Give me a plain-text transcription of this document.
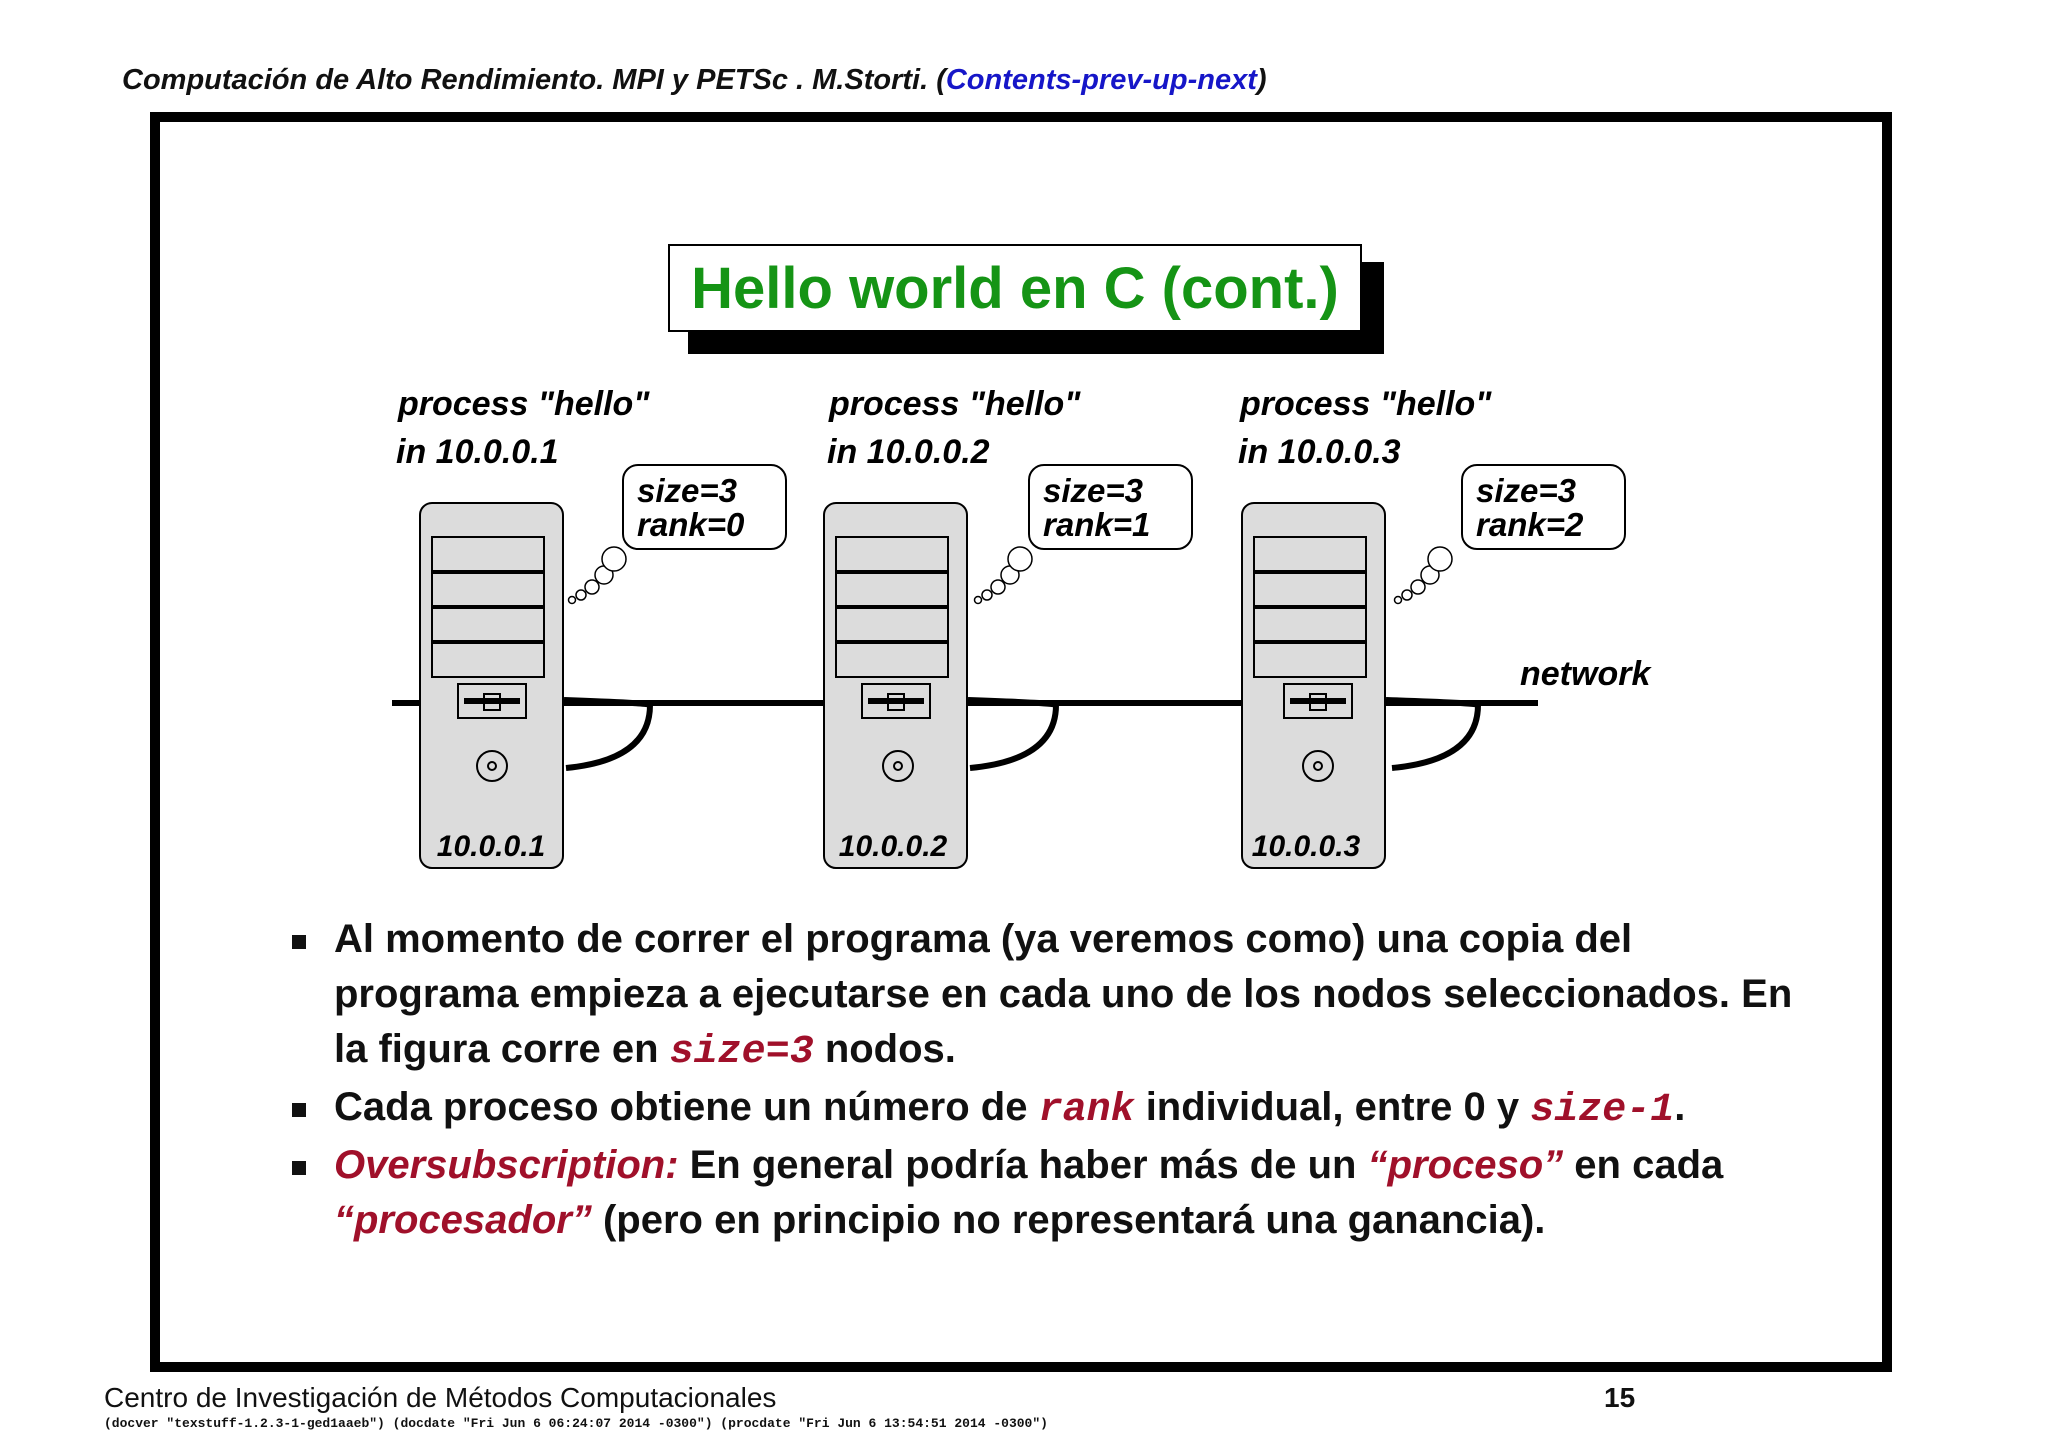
Computación de Alto Rendimiento. MPI y PETSc . M.Storti. (Contents-prev-up-next)
Hello world en C (cont.)
network
process "hello"
in 10.0.0.1
10.0.0.1
size=3
rank=0
process "hello"
in 10.0.0.2
10.0.0.2
size=3
rank=1
process "hello"
in 10.0.0.3
10.0.0.3
size=3
rank=2
Al momento de correr el programa (ya veremos como) una copia del programa empieza a ejecutarse en cada uno de los nodos seleccionados. En la figura corre en size=3 nodos.
Cada proceso obtiene un número de rank individual, entre 0 y size-1.
Oversubscription: En general podría haber más de un “proceso” en cada “procesador” (pero en principio no representará una ganancia).
Centro de Investigación de Métodos Computacionales	15
(docver "texstuff-1.2.3-1-ged1aaeb") (docdate "Fri Jun 6 06:24:07 2014 -0300") (procdate "Fri Jun 6 13:54:51 2014 -0300")
